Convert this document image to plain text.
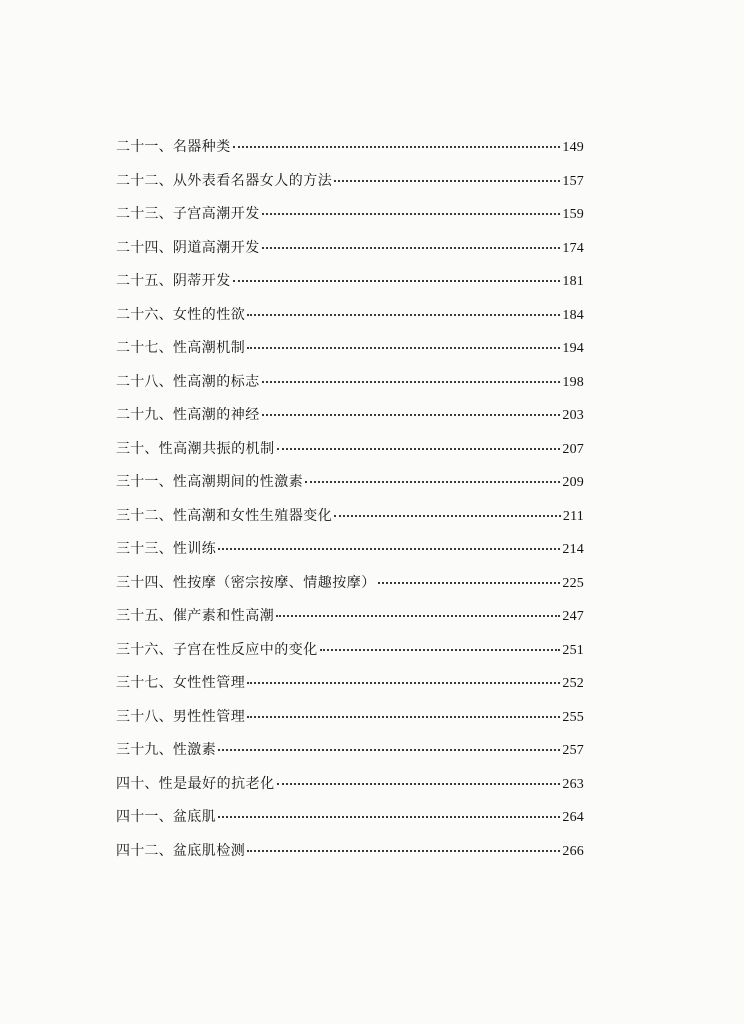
二十一、 名器种类	149
二十二、 从外表看名器女人的方法	157
二十三、 子宫高潮开发	159
二十四、 阴道高潮开发	174
二十五、 阴蒂开发	181
二十六、 女性的性欲	184
二十七、 性高潮机制	194
二十八、 性高潮的标志	198
二十九、 性高潮的神经	203
三十、 性高潮共振的机制	207
三十一、 性高潮期间的性激素	209
三十二、 性高潮和女性生殖器变化	211
三十三、 性训练	214
三十四、 性按摩（密宗按摩、情趣按摩）	225
三十五、 催产素和性高潮	247
三十六、 子宫在性反应中的变化	251
三十七、 女性性管理	252
三十八、 男性性管理	255
三十九、 性激素	257
四十、 性是最好的抗老化	263
四十一、 盆底肌	264
四十二、 盆底肌检测	266
